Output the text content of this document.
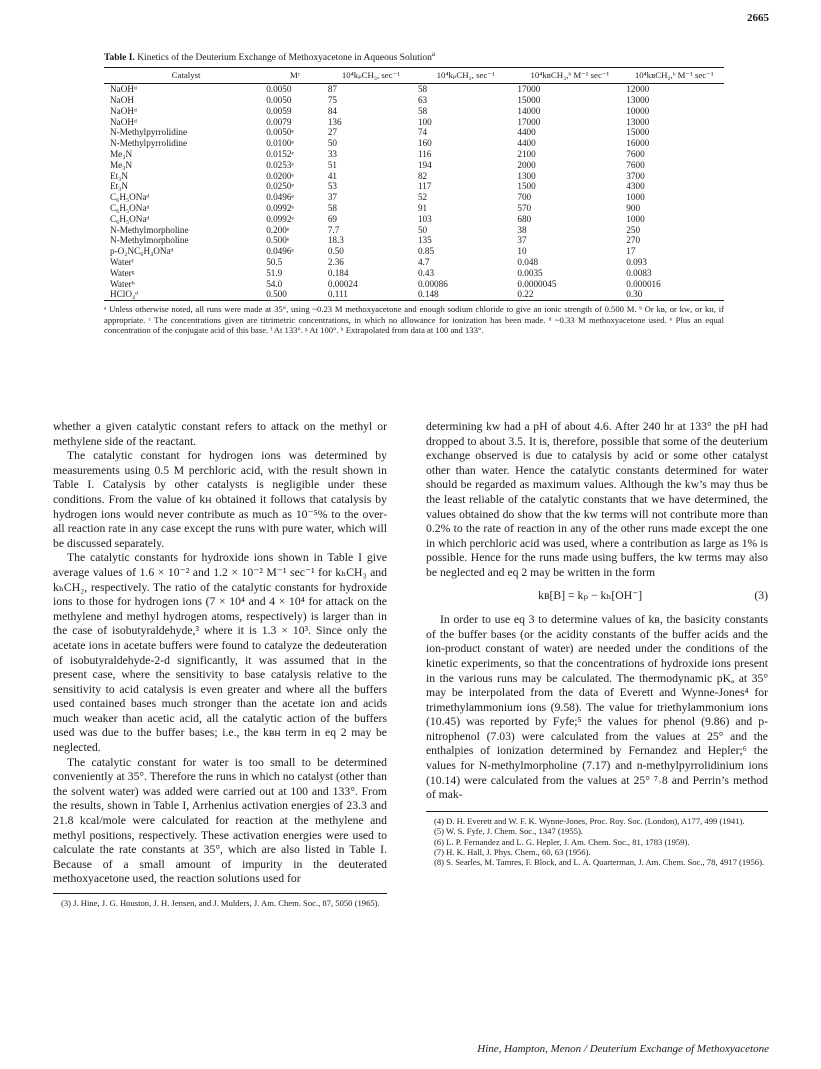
2665
Table I. Kinetics of the Deuterium Exchange of Methoxyacetone in Aqueous Solution$^a$
Catalyst	Mᶜ	10⁴kₚCH₃, sec⁻¹	10⁴kₚCH₂, sec⁻¹	10⁴kʙCH₃,ᵇ M⁻¹ sec⁻¹	10⁴kʙCH₂,ᵇ M⁻¹ sec⁻¹
NaOHᵈ	0.0050	87	58	17000	12000
NaOH	0.0050	75	63	15000	13000
NaOHᵈ	0.0059	84	58	14000	10000
NaOHᵈ	0.0079	136	100	17000	13000
N-Methylpyrrolidine	0.0050ᵉ	27	74	4400	15000
N-Methylpyrrolidine	0.0100ᵉ	50	160	4400	16000
Me₃N	0.0152ᵉ	33	116	2100	7600
Me₃N	0.0253ᵉ	51	194	2000	7600
Et₃N	0.0200ᵉ	41	82	1300	3700
Et₃N	0.0250ᵉ	53	117	1500	4300
C₆H₅ONaᵈ	0.0496ᵉ	37	52	700	1000
C₆H₅ONaᵈ	0.0992ᵉ	58	91	570	900
C₆H₅ONaᵈ	0.0992ᵉ	69	103	680	1000
N-Methylmorpholine	0.200ᵉ	7.7	50	38	250
N-Methylmorpholine	0.500ᵉ	18.3	135	37	270
p-O₂NC₆H₄ONaᵈ	0.0496ᵉ	0.50	0.85	10	17
Waterᶠ	50.5	2.36	4.7	0.048	0.093
Waterᵍ	51.9	0.184	0.43	0.0035	0.0083
Waterʰ	54.0	0.00024	0.00086	0.0000045	0.000016
HClO₄ᵈ	0.500	0.111	0.148	0.22	0.30
ᵃ Unless otherwise noted, all runs were made at 35°, using ~0.23 M methoxyacetone and enough sodium chloride to give an ionic strength of 0.500 M. ᵇ Or kʙ, or kᴡ, or kʜ, if appropriate. ᶜ The concentrations given are titrimetric concentrations, in which no allowance for ionization has been made. ᵈ ~0.33 M methoxyacetone used. ᵉ Plus an equal concentration of the conjugate acid of this base. ᶠ At 133°. ᵍ At 100°. ʰ Extrapolated from data at 100 and 133°.

whether a given catalytic constant refers to attack on the methyl or methylene side of the reactant.

The catalytic constant for hydrogen ions was determined by measurements using 0.5 M perchloric acid, with the result shown in Table I. Catalysis by other catalysts is negligible under these conditions. From the value of kʜ obtained it follows that catalysis by hydrogen ions would never contribute as much as 10⁻⁵% to the over-all reaction rate in any case except the runs with pure water, which will be discussed separately.

The catalytic constants for hydroxide ions shown in Table I give average values of 1.6 × 10⁻² and 1.2 × 10⁻² M⁻¹ sec⁻¹ for kₕCH₃ and kₕCH₂, respectively. The ratio of the catalytic constants for hydroxide ions to those for hydrogen ions (7 × 10⁴ and 4 × 10⁴ for attack on the methylene and methyl hydrogen atoms, respectively) is larger than in the case of isobutyraldehyde,³ where it is 1.3 × 10³. Since only the acetate ions in acetate buffers were found to catalyze the dedeuteration of isobutyraldehyde-2-d significantly, it was assumed that in the present case, where the sensitivity to base catalysis relative to the sensitivity to acid catalysis is even greater and where all the buffers used contained bases much stronger than the acetate ion and acids much weaker than acetic acid, all the catalytic action of the buffers used was due to the buffer bases; i.e., the kʙʜ term in eq 2 may be neglected.

The catalytic constant for water is too small to be determined conveniently at 35°. Therefore the runs in which no catalyst (other than the solvent water) was added were carried out at 100 and 133°. From the results, shown in Table I, Arrhenius activation energies of 23.3 and 21.8 kcal/mole were calculated for reaction at the methylene and methyl positions, respectively. These activation energies were used to calculate the rate constants at 35°, which are also listed in Table I. Because of a small amount of impurity in the deuterated methoxyacetone used, the reaction solutions used for

(3) J. Hine, J. G. Houston, J. H. Jensen, and J. Mulders, J. Am. Chem. Soc., 87, 5050 (1965).

determining kᴡ had a pH of about 4.6. After 240 hr at 133° the pH had dropped to about 3.5. It is, therefore, possible that some of the deuterium exchange observed is due to catalysis by acid or some other catalyst other than water. Hence the catalytic constants determined for water should be regarded as maximum values. Although the kᴡ’s may thus be the least reliable of the catalytic constants that we have determined, the values obtained do show that the kᴡ terms will not contribute more than 0.2% to the rate of reaction in any of the other runs made except the one in which perchloric acid was used, where a contribution as large as 1% is possible. Hence for the runs made using buffers, the kᴡ terms may also be neglected and eq 2 may be written in the form

kʙ[B] = kₚ − kₕ[OH⁻]	(3)

In order to use eq 3 to determine values of kʙ, the basicity constants of the buffer bases (or the acidity constants of the buffer acids and the ion-product constant of water) are needed under the conditions of the kinetic experiments, so that the concentrations of hydroxide ions present in the various runs may be calculated. The thermodynamic pKₐ at 35° may be interpolated from the data of Everett and Wynne-Jones⁴ for trimethylammonium ions (9.58). The value for triethylammonium ions (10.45) was reported by Fyfe;⁵ the values for phenol (9.86) and p-nitrophenol (7.03) were calculated from the values at 25° and the enthalpies of ionization determined by Fernandez and Hepler;⁶ the values for N-methylmorpholine (7.17) and n-methylpyrrolidinium ions (10.14) were calculated from the values at 25° ⁷˒8 and Perrin’s method of mak-

(4) D. H. Everett and W. F. K. Wynne-Jones, Proc. Roy. Soc. (London), A177, 499 (1941).
(5) W. S. Fyfe, J. Chem. Soc., 1347 (1955).
(6) L. P. Fernandez and L. G. Hepler, J. Am. Chem. Soc., 81, 1783 (1959).
(7) H. K. Hall, J. Phys. Chem., 60, 63 (1956).
(8) S. Searles, M. Tamres, F. Block, and L. A. Quarterman, J. Am. Chem. Soc., 78, 4917 (1956).
Hine, Hampton, Menon / Deuterium Exchange of Methoxyacetone
